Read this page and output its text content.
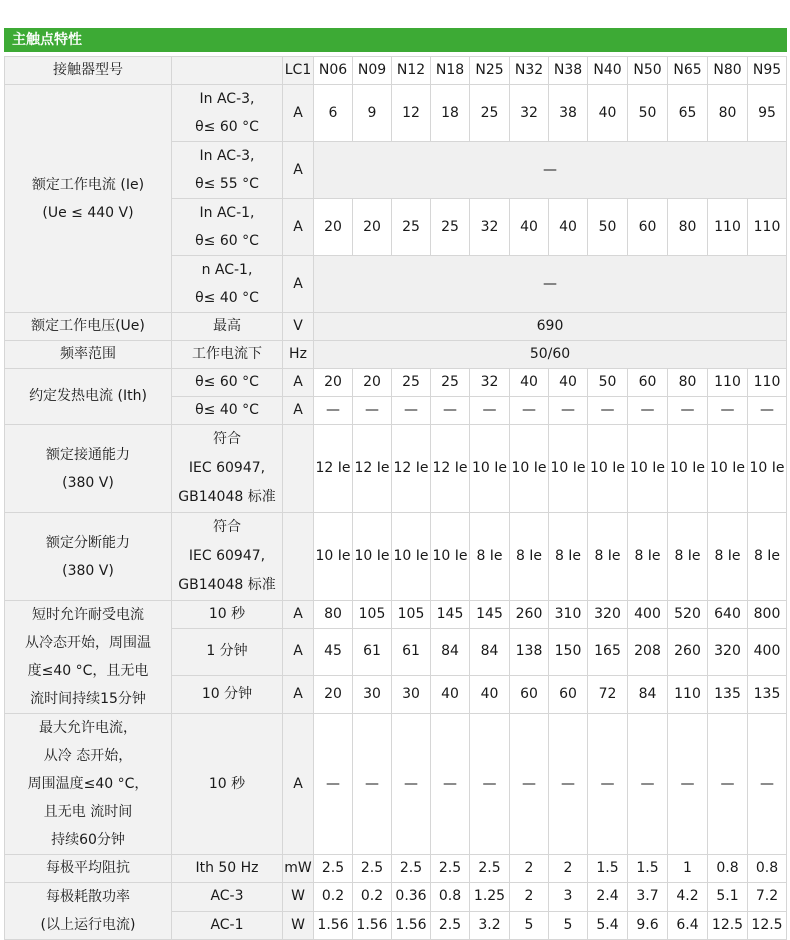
主触点特性
接触器型号		LC1	N06	N09	N12	N18	N25	N32	N38	N40	N50	N65	N80	N95

额定工作电流 (Ie)
(Ue ≤ 440 V)	In AC-3,
θ≤ 60 °C	A	6	9	12	18	25	32	38	40	50	65	80	95

	In AC-3,
θ≤ 55 °C	A	—											

	In AC-1,
θ≤ 60 °C	A	20	20	25	25	32	40	40	50	60	80	110	110

	n AC-1,
θ≤ 40 °C	A	—											
额定工作电压(Ue)	最高	V	690											
频率范围	工作电流下	Hz	50/60											
约定发热电流 (Ith)	θ≤ 60 °C	A	20	20	25	25	32	40	40	50	60	80	110	110
	θ≤ 40 °C	A	—	—	—	—	—	—	—	—	—	—	—	—

额定接通能力
(380 V)	符合
IEC 60947,
GB14048 标准		12 Ie	12 Ie	12 Ie	12 Ie	10 Ie	10 Ie	10 Ie	10 Ie	10 Ie	10 Ie	10 Ie	10 Ie

额定分断能力
(380 V)	符合
IEC 60947,
GB14048 标准		10 Ie	10 Ie	10 Ie	10 Ie	8 Ie	8 Ie	8 Ie	8 Ie	8 Ie	8 Ie	8 Ie	8 Ie

短时允许耐受电流
从冷态开始，周围温
度≤40 °C，且无电
流时间持续15分钟	10 秒	A	80	105	105	145	145	260	310	320	400	520	640	800
	1 分钟	A	45	61	61	84	84	138	150	165	208	260	320	400
	10 分钟	A	20	30	30	40	40	60	60	72	84	110	135	135

最大允许电流，
从冷 态开始，
周围温度≤40 °C，
且无电 流时间
持续60分钟	10 秒	A	—	—	—	—	—	—	—	—	—	—	—	—
每极平均阻抗	Ith 50 Hz	mW	2.5	2.5	2.5	2.5	2.5	2	2	1.5	1.5	1	0.8	0.8

每极耗散功率
(以上运行电流)	AC-3	W	0.2	0.2	0.36	0.8	1.25	2	3	2.4	3.7	4.2	5.1	7.2
	AC-1	W	1.56	1.56	1.56	2.5	3.2	5	5	5.4	9.6	6.4	12.5	12.5
